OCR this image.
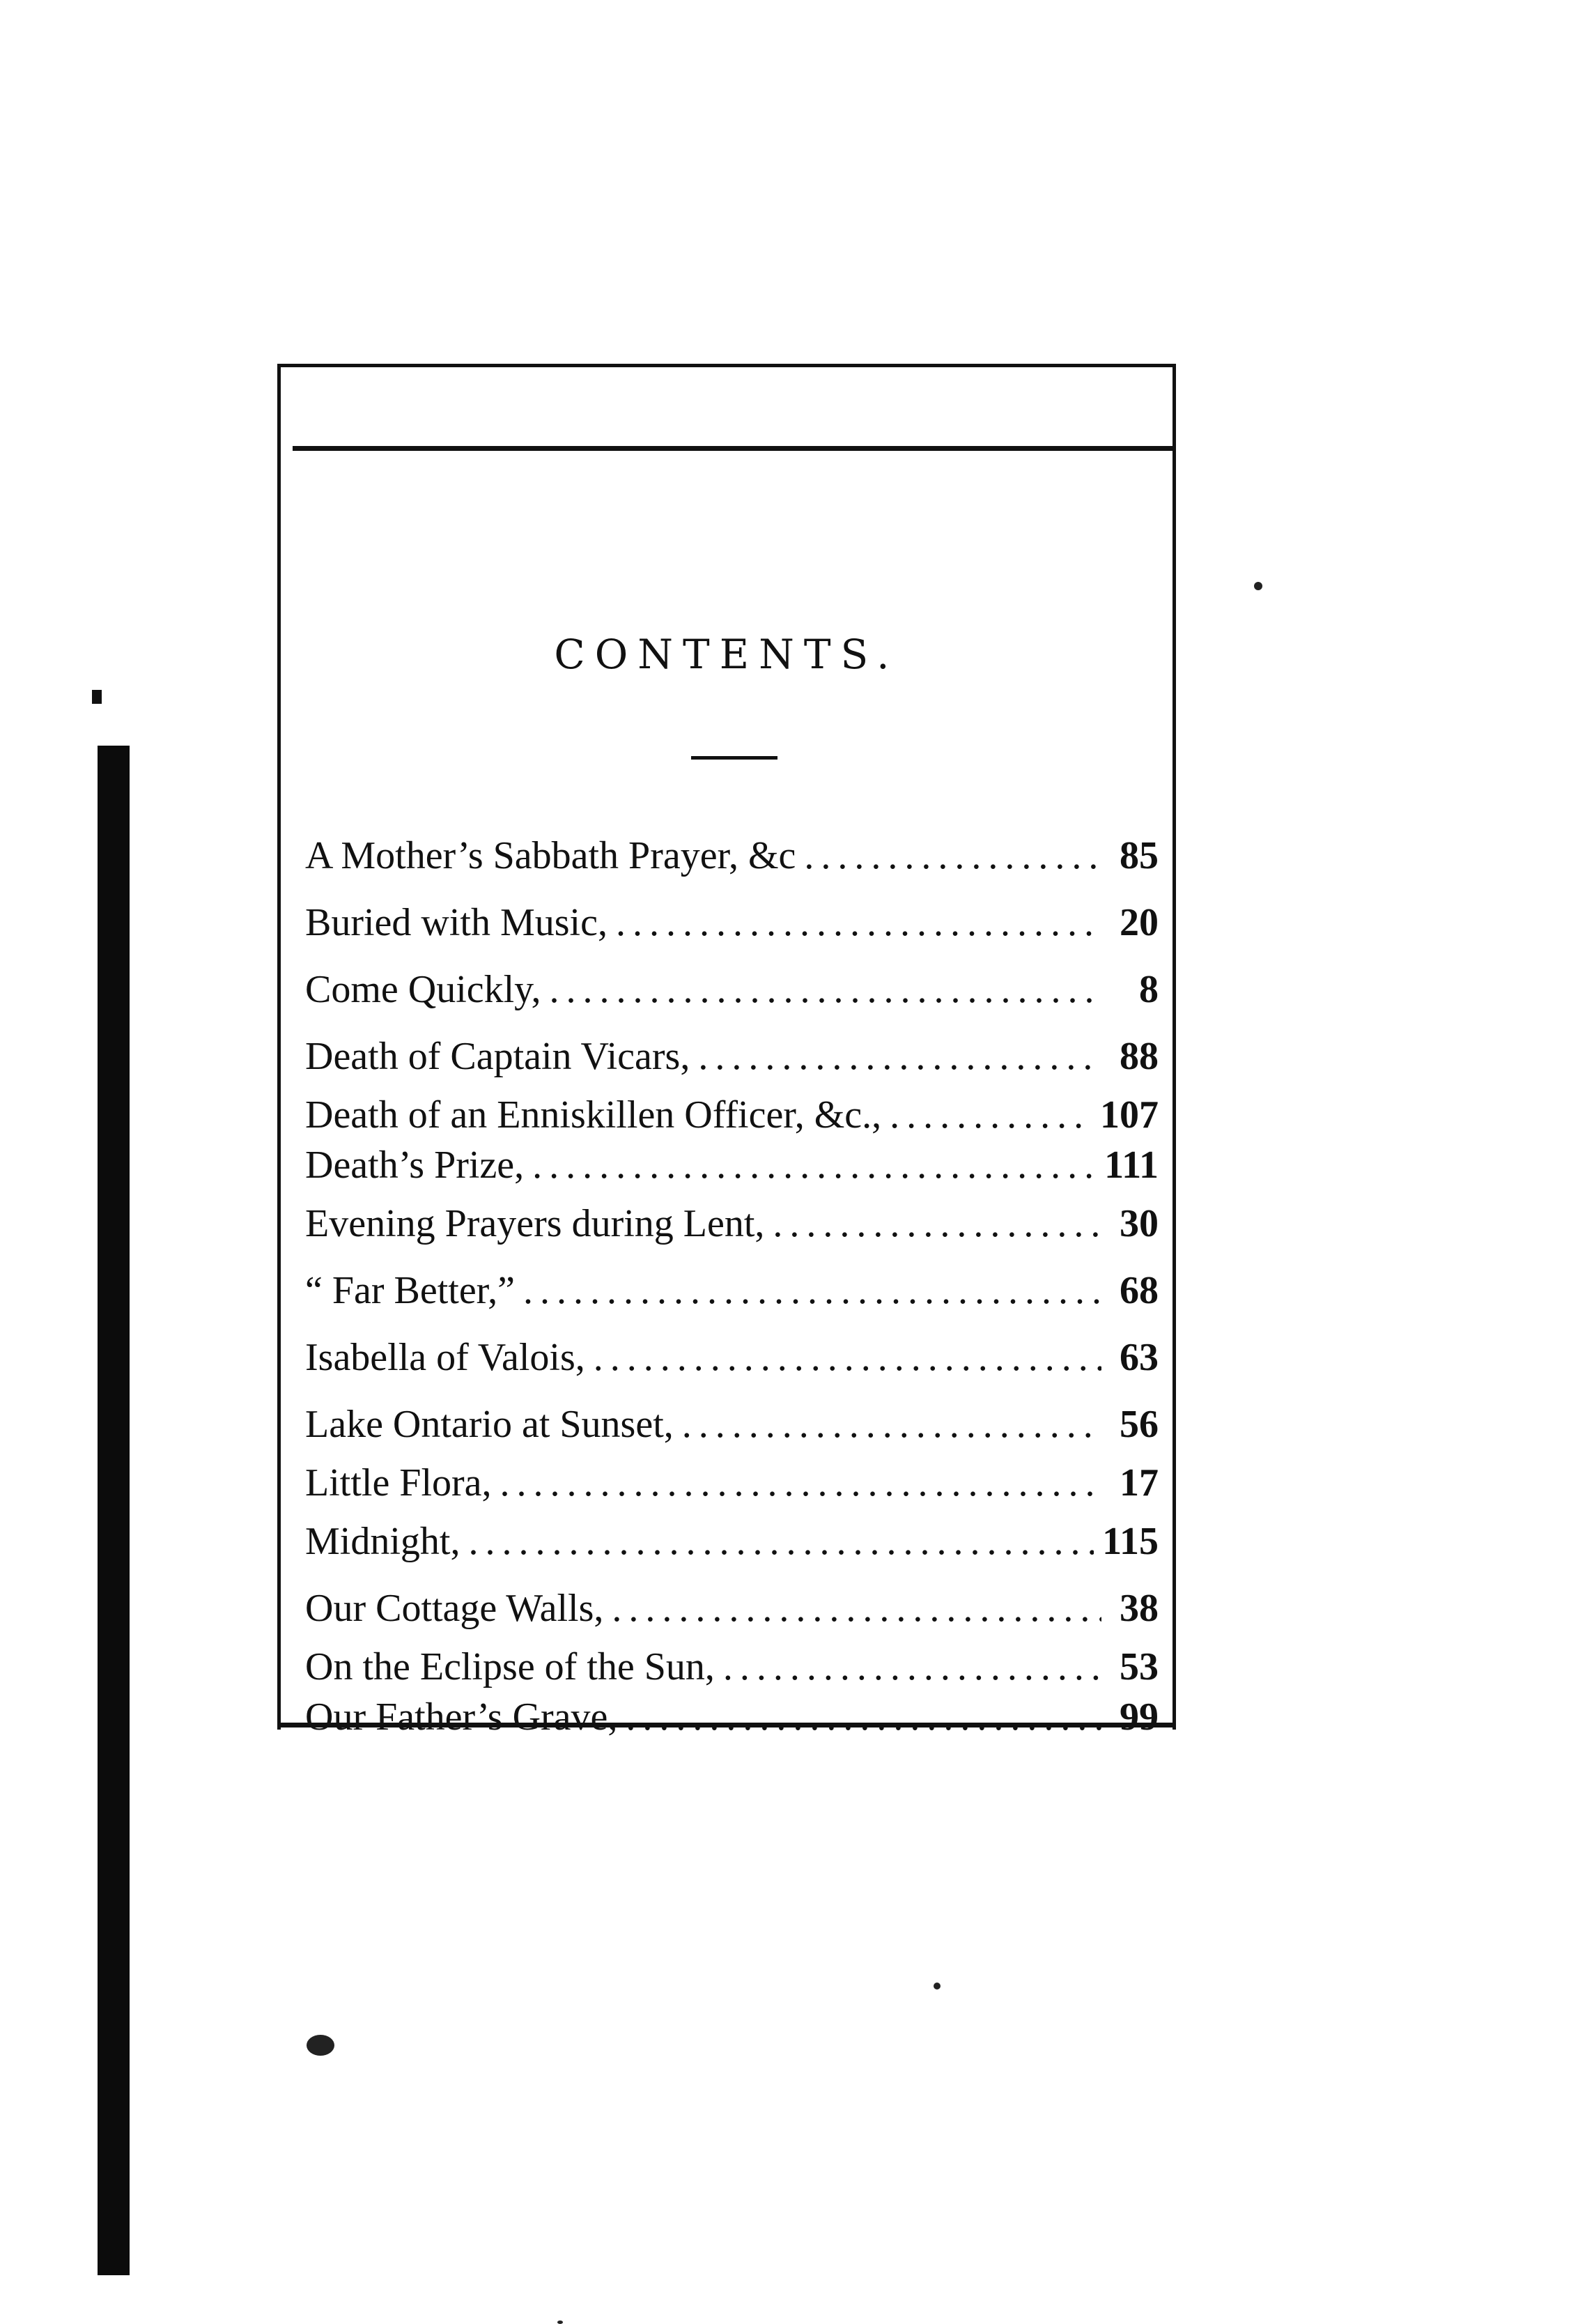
CONTENTS.
A Mother’s Sabbath Prayer, &c .....	85
Buried with Music, .....	20
Come Quickly, .....	8
Death of Captain Vicars, .....	88
Death of an Enniskillen Officer, &c., .....	107
Death’s Prize, .....	111
Evening Prayers during Lent, .....	30
“ Far Better,” .....	68
Isabella of Valois, .....	63
Lake Ontario at Sunset, .....	56
Little Flora, .....	17
Midnight, .....	115
Our Cottage Walls, .....	38
On the Eclipse of the Sun, .....	53
Our Father’s Grave, .....	99
